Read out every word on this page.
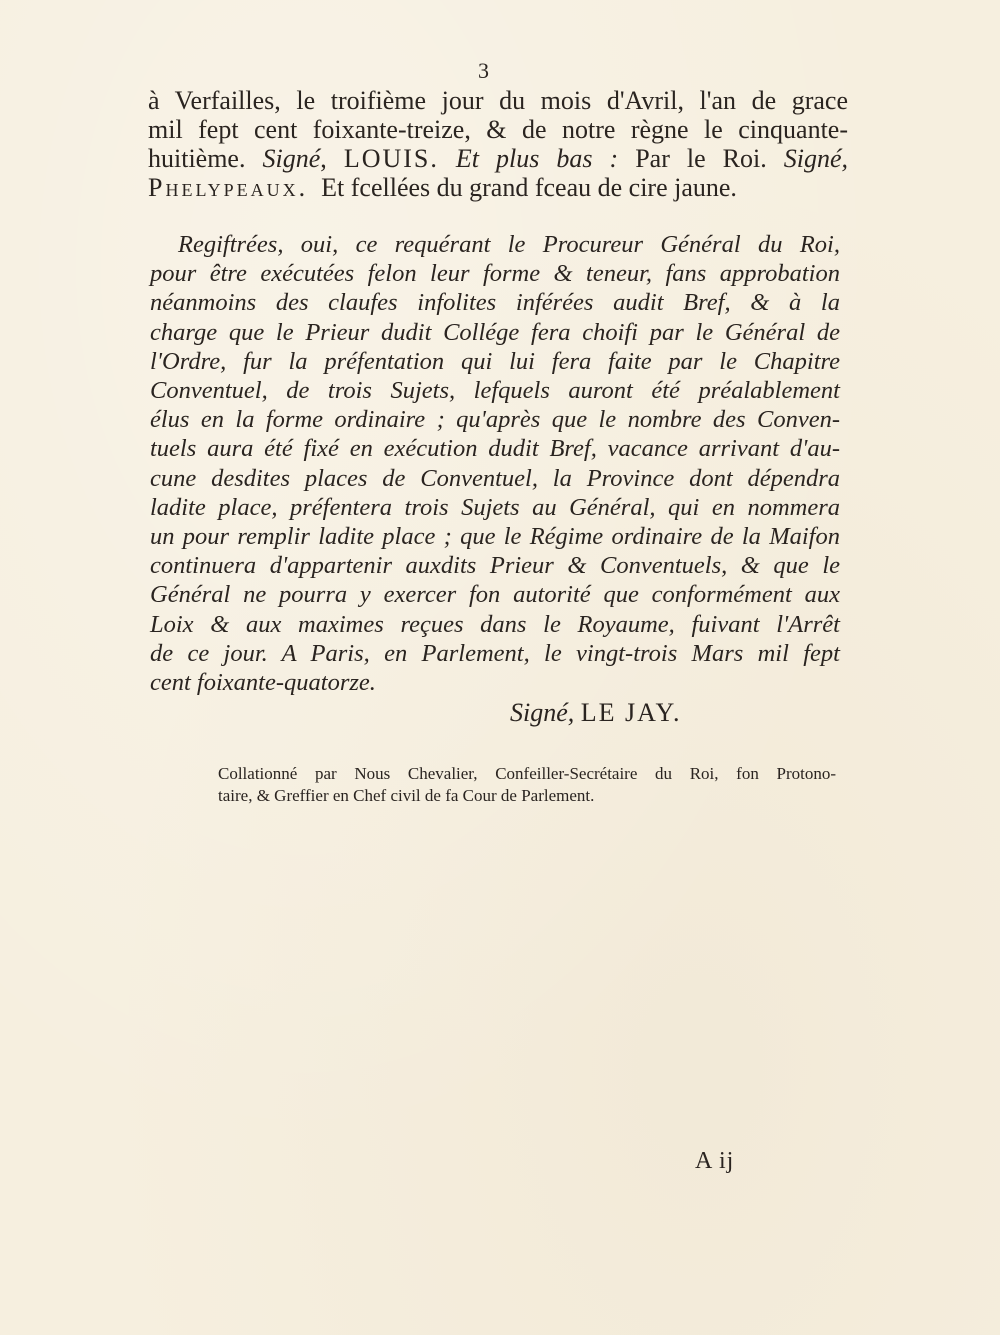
3
à Verfailles, le troifième jour du mois d'Avril, l'an de grace
mil fept cent foixante-treize, & de notre règne le cinquante-
huitième. Signé, LOUIS. Et plus bas : Par le Roi. Signé,
Phelypeaux. Et fcellées du grand fceau de cire jaune.
Regiftrées, oui, ce requérant le Procureur Général du Roi,
pour être exécutées felon leur forme & teneur, fans approbation
néanmoins des claufes infolites inférées audit Bref, & à la
charge que le Prieur dudit Collége fera choifi par le Général de
l'Ordre, fur la préfentation qui lui fera faite par le Chapitre
Conventuel, de trois Sujets, lefquels auront été préalablement
élus en la forme ordinaire ; qu'après que le nombre des Conven-
tuels aura été fixé en exécution dudit Bref, vacance arrivant d'au-
cune desdites places de Conventuel, la Province dont dépendra
ladite place, préfentera trois Sujets au Général, qui en nommera
un pour remplir ladite place ; que le Régime ordinaire de la Maifon
continuera d'appartenir auxdits Prieur & Conventuels, & que le
Général ne pourra y exercer fon autorité que conformément aux
Loix & aux maximes reçues dans le Royaume, fuivant l'Arrêt
de ce jour. A Paris, en Parlement, le vingt-trois Mars mil fept
cent foixante-quatorze.
Signé, LE JAY.
Collationné par Nous Chevalier, Confeiller-Secrétaire du Roi, fon Protono-
taire, & Greffier en Chef civil de fa Cour de Parlement.
A ij
